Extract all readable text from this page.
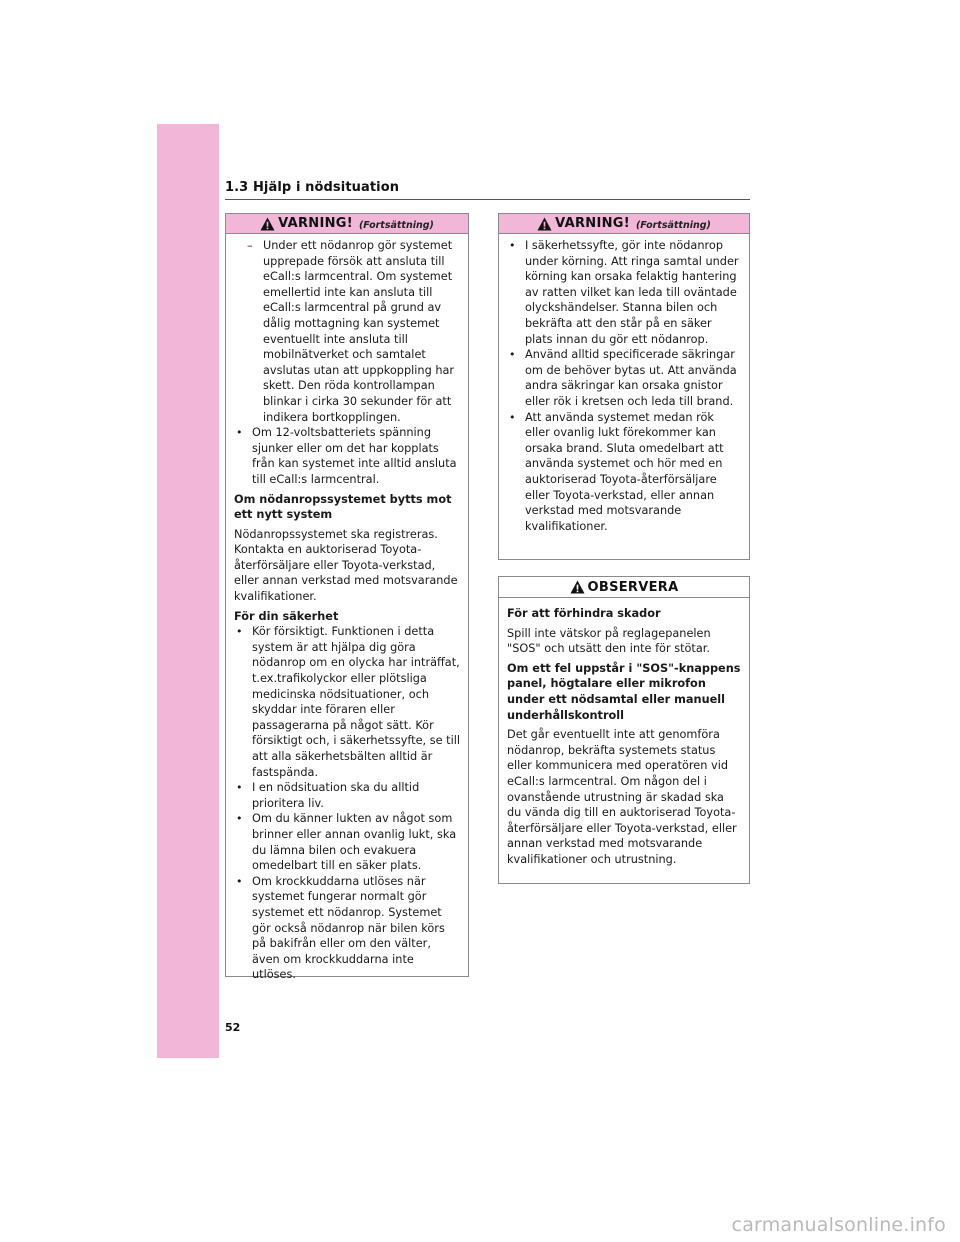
1.3 Hjälp i nödsituation
VARNING! (Fortsättning)

– Under ett nödanrop gör systemet upprepade försök att ansluta till eCall:s larmcentral. Om systemet emellertid inte kan ansluta till eCall:s larmcentral på grund av dålig mottagning kan systemet eventuellt inte ansluta till mobilnätverket och samtalet avslutas utan att uppkoppling har skett. Den röda kontrollampan blinkar i cirka 30 sekunder för att indikera bortkopplingen.

• Om 12-voltsbatteriets spänning sjunker eller om det har kopplats från kan systemet inte alltid ansluta till eCall:s larmcentral.

Om nödanropssystemet bytts mot ett nytt system

Nödanropssystemet ska registreras. Kontakta en auktoriserad Toyota-återförsäljare eller Toyota-verkstad, eller annan verkstad med motsvarande kvalifikationer.

För din säkerhet

• Kör försiktigt. Funktionen i detta system är att hjälpa dig göra nödanrop om en olycka har inträffat, t.ex.trafikolyckor eller plötsliga medicinska nödsituationer, och skyddar inte föraren eller passagerarna på något sätt. Kör försiktigt och, i säkerhetssyfte, se till att alla säkerhetsbälten alltid är fastspända.

• I en nödsituation ska du alltid prioritera liv.

• Om du känner lukten av något som brinner eller annan ovanlig lukt, ska du lämna bilen och evakuera omedelbart till en säker plats.

• Om krockkuddarna utlöses när systemet fungerar normalt gör systemet ett nödanrop. Systemet gör också nödanrop när bilen körs på bakifrån eller om den välter, även om krockkuddarna inte utlöses.

VARNING! (Fortsättning)

• I säkerhetssyfte, gör inte nödanrop under körning. Att ringa samtal under körning kan orsaka felaktig hantering av ratten vilket kan leda till oväntade olyckshändelser. Stanna bilen och bekräfta att den står på en säker plats innan du gör ett nödanrop.

• Använd alltid specificerade säkringar om de behöver bytas ut. Att använda andra säkringar kan orsaka gnistor eller rök i kretsen och leda till brand.

• Att använda systemet medan rök eller ovanlig lukt förekommer kan orsaka brand. Sluta omedelbart att använda systemet och hör med en auktoriserad Toyota-återförsäljare eller Toyota-verkstad, eller annan verkstad med motsvarande kvalifikationer.

OBSERVERA

För att förhindra skador

Spill inte vätskor på reglagepanelen "SOS" och utsätt den inte för stötar.

Om ett fel uppstår i "SOS"-knappens panel, högtalare eller mikrofon under ett nödsamtal eller manuell underhållskontroll

Det går eventuellt inte att genomföra nödanrop, bekräfta systemets status eller kommunicera med operatören vid eCall:s larmcentral. Om någon del i ovanstående utrustning är skadad ska du vända dig till en auktoriserad Toyota-återförsäljare eller Toyota-verkstad, eller annan verkstad med motsvarande kvalifikationer och utrustning.

52
carmanualsonline.info
